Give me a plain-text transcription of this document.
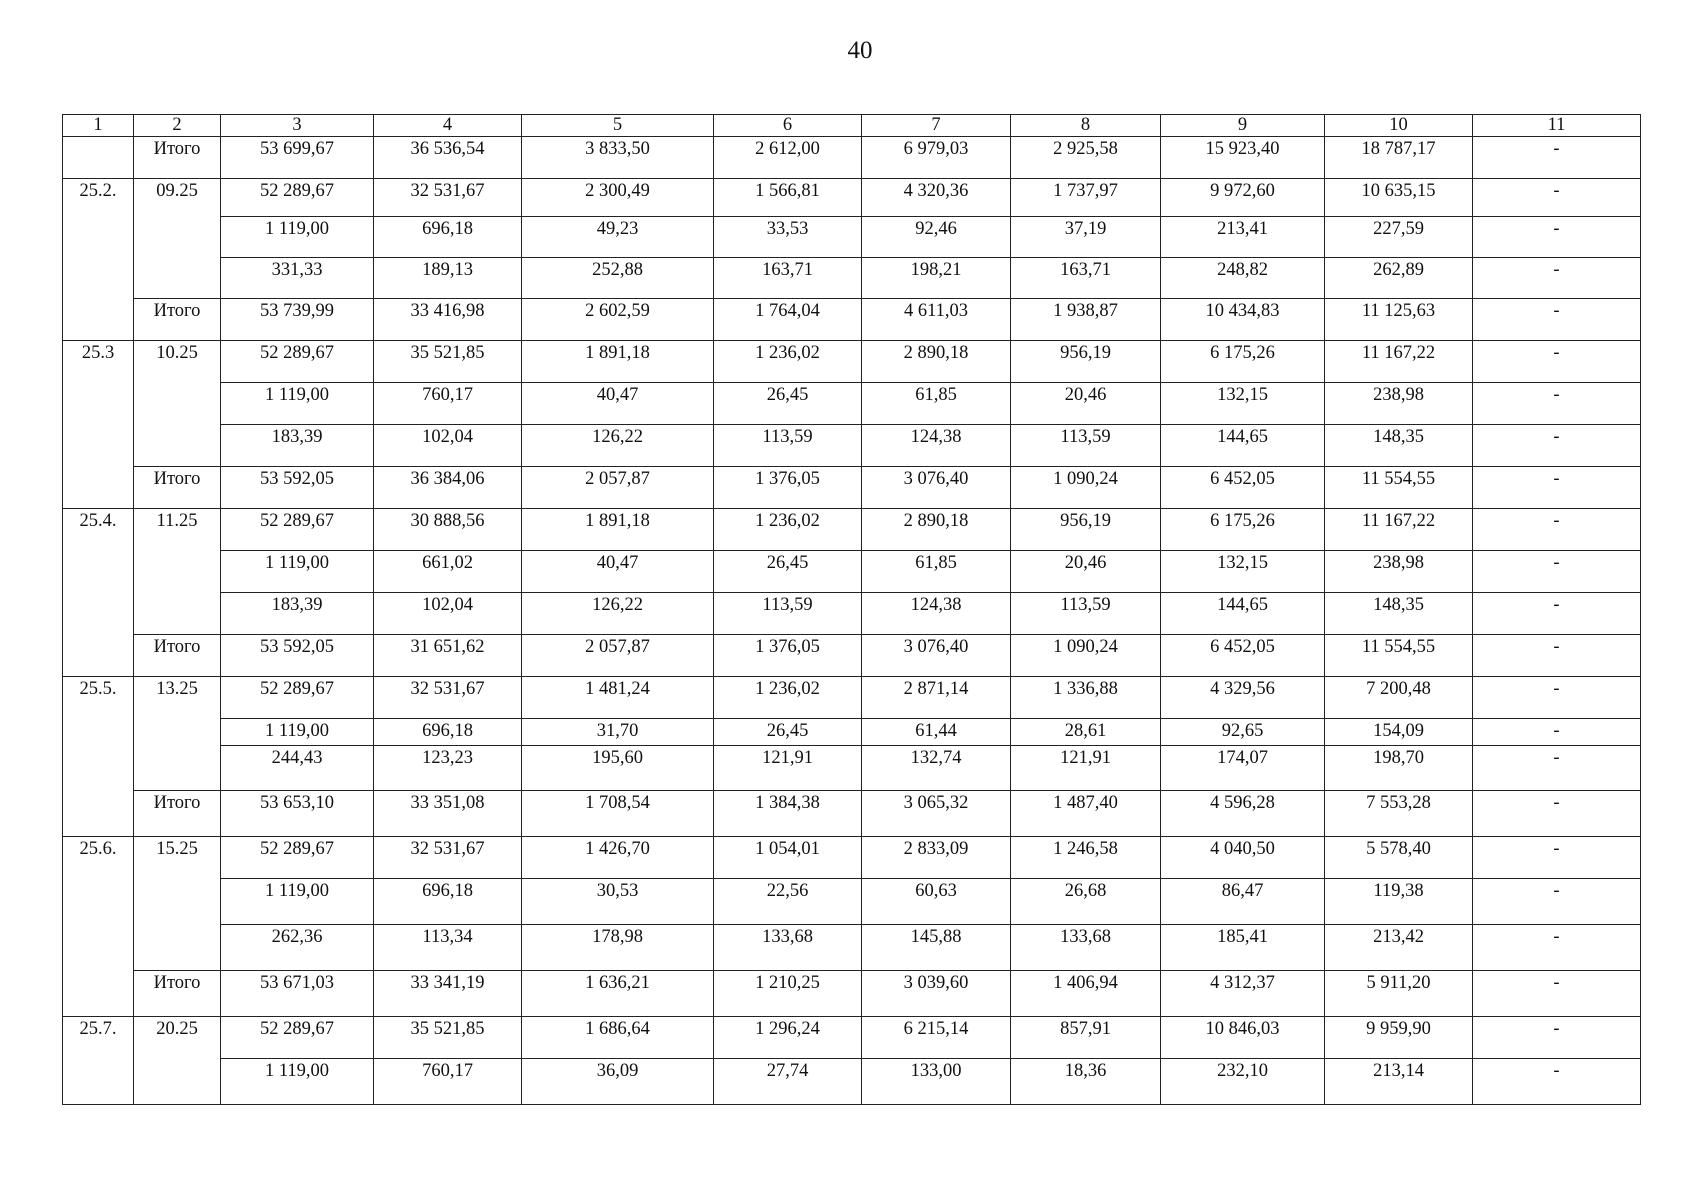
40
1	2	3	4	5	6	7	8	9	10	11
	Итого	53 699,67	36 536,54	3 833,50	2 612,00	6 979,03	2 925,58	15 923,40	18 787,17	-
25.2.	09.25	52 289,67	32 531,67	2 300,49	1 566,81	4 320,36	1 737,97	9 972,60	10 635,15	-
		1 119,00	696,18	49,23	33,53	92,46	37,19	213,41	227,59	-
		331,33	189,13	252,88	163,71	198,21	163,71	248,82	262,89	-
	Итого	53 739,99	33 416,98	2 602,59	1 764,04	4 611,03	1 938,87	10 434,83	11 125,63	-
25.3	10.25	52 289,67	35 521,85	1 891,18	1 236,02	2 890,18	956,19	6 175,26	11 167,22	-
		1 119,00	760,17	40,47	26,45	61,85	20,46	132,15	238,98	-
		183,39	102,04	126,22	113,59	124,38	113,59	144,65	148,35	-
	Итого	53 592,05	36 384,06	2 057,87	1 376,05	3 076,40	1 090,24	6 452,05	11 554,55	-
25.4.	11.25	52 289,67	30 888,56	1 891,18	1 236,02	2 890,18	956,19	6 175,26	11 167,22	-
		1 119,00	661,02	40,47	26,45	61,85	20,46	132,15	238,98	-
		183,39	102,04	126,22	113,59	124,38	113,59	144,65	148,35	-
	Итого	53 592,05	31 651,62	2 057,87	1 376,05	3 076,40	1 090,24	6 452,05	11 554,55	-
25.5.	13.25	52 289,67	32 531,67	1 481,24	1 236,02	2 871,14	1 336,88	4 329,56	7 200,48	-
		1 119,00	696,18	31,70	26,45	61,44	28,61	92,65	154,09	-
		244,43	123,23	195,60	121,91	132,74	121,91	174,07	198,70	-
	Итого	53 653,10	33 351,08	1 708,54	1 384,38	3 065,32	1 487,40	4 596,28	7 553,28	-
25.6.	15.25	52 289,67	32 531,67	1 426,70	1 054,01	2 833,09	1 246,58	4 040,50	5 578,40	-
		1 119,00	696,18	30,53	22,56	60,63	26,68	86,47	119,38	-
		262,36	113,34	178,98	133,68	145,88	133,68	185,41	213,42	-
	Итого	53 671,03	33 341,19	1 636,21	1 210,25	3 039,60	1 406,94	4 312,37	5 911,20	-
25.7.	20.25	52 289,67	35 521,85	1 686,64	1 296,24	6 215,14	857,91	10 846,03	9 959,90	-
		1 119,00	760,17	36,09	27,74	133,00	18,36	232,10	213,14	-
